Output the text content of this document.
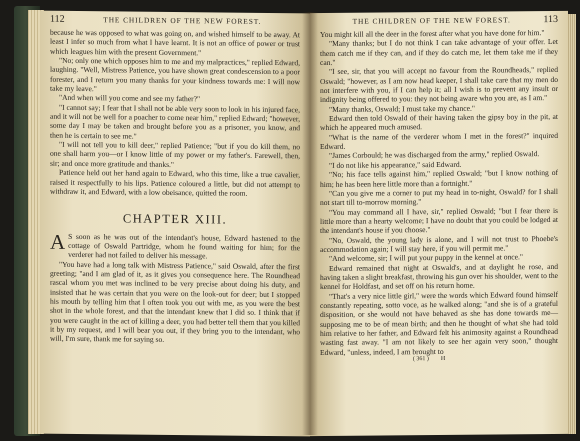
112	THE CHILDREN OF THE NEW FOREST.

because he was opposed to what was going on, and wished himself to be away. At least I infer so much from what I have learnt. It is not an office of power or trust which leagues him with the present Government."

"No; only one which opposes him to me and my malpractices," replied Edward, laughing. "Well, Mistress Patience, you have shown great condescension to a poor forester, and I return you many thanks for your kindness towards me: I will now take my leave."

"And when will you come and see my father?"

"I cannot say; I fear that I shall not be able very soon to look in his injured face, and it will not be well for a poacher to come near him," replied Edward; "however, some day I may be taken and brought before you as a prisoner, you know, and then he is certain to see me."

"I will not tell you to kill deer," replied Patience; "but if you do kill them, no one shall harm you—or I know little of my power or my father's. Farewell, then, sir; and once more gratitude and thanks."

Patience held out her hand again to Edward, who this time, like a true cavalier, raised it respectfully to his lips. Patience coloured a little, but did not attempt to withdraw it, and Edward, with a low obeisance, quitted the room.

CHAPTER XIII.

A S soon as he was out of the intendant's house, Edward hastened to the cottage of Oswald Partridge, whom he found waiting for him; for the verderer had not failed to deliver his message.

"You have had a long talk with Mistress Patience," said Oswald, after the first greeting; "and I am glad of it, as it gives you consequence here. The Roundhead rascal whom you met was inclined to be very precise about doing his duty, and insisted that he was certain that you were on the look-out for deer; but I stopped his mouth by telling him that I often took you out with me, as you were the best shot in the whole forest, and that the intendant knew that I did so. I think that if you were caught in the act of killing a deer, you had better tell them that you killed it by my request, and I will bear you out, if they bring you to the intendant, who will, I'm sure, thank me for saying so.

THE CHILDREN OF THE NEW FOREST.	113

You might kill all the deer in the forest after what you have done for him."

"Many thanks; but I do not think I can take advantage of your offer. Let them catch me if they can, and if they do catch me, let them take me if they can."

"I see, sir, that you will accept no favour from the Roundheads," replied Oswald; "however, as I am now head keeper, I shall take care that my men do not interfere with you, if I can help it; all I wish is to prevent any insult or indignity being offered to you: they not being aware who you are, as I am."

"Many thanks, Oswald; I must take my chance."

Edward then told Oswald of their having taken the gipsy boy in the pit, at which he appeared much amused.

"What is the name of the verderer whom I met in the forest?" inquired Edward.

"James Corbould; he was discharged from the army," replied Oswald.

"I do not like his appearance," said Edward.

"No; his face tells against him," replied Oswald; "but I know nothing of him; he has been here little more than a fortnight."

"Can you give me a corner to put my head in to-night, Oswald? for I shall not start till to-morrow morning."

"You may command all I have, sir," replied Oswald; "but I fear there is little more than a hearty welcome; I have no doubt that you could be lodged at the intendant's house if you choose."

"No, Oswald, the young lady is alone, and I will not trust to Phoebe's accommodation again; I will stay here, if you will permit me."

"And welcome, sir; I will put your puppy in the kennel at once."

Edward remained that night at Oswald's, and at daylight he rose, and having taken a slight breakfast, throwing his gun over his shoulder, went to the kennel for Holdfast, and set off on his return home.

"That's a very nice little girl," were the words which Edward found himself constantly repeating, sotto voce, as he walked along; "and she is of a grateful disposition, or she would not have behaved as she has done towards me—supposing me to be of mean birth; and then he thought of what she had told him relative to her father, and Edward felt his animosity against a Roundhead wasting fast away. "I am not likely to see her again very soon," thought Edward, "unless, indeed, I am brought to

( 361 )
H
